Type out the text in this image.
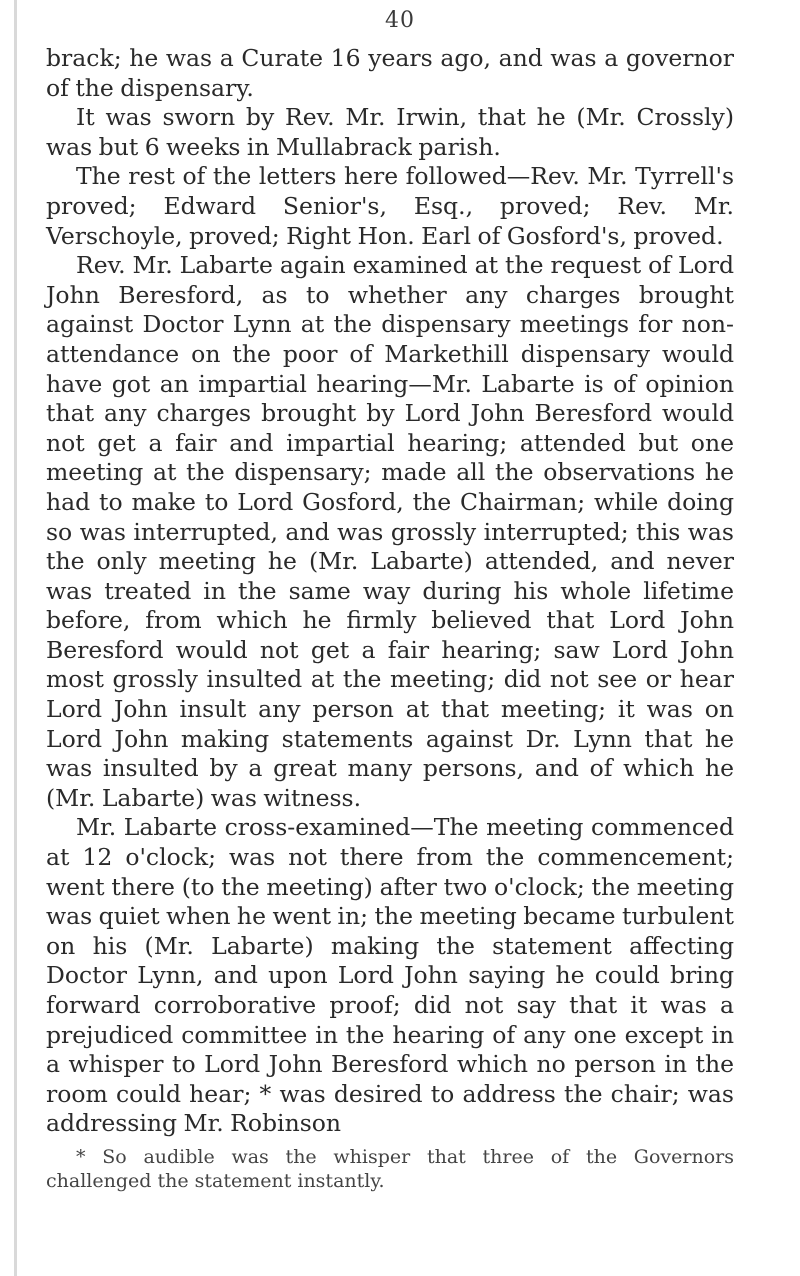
40

brack; he was a Curate 16 years ago, and was a governor of the dispensary.

It was sworn by Rev. Mr. Irwin, that he (Mr. Crossly) was but 6 weeks in Mullabrack parish.

The rest of the letters here followed—Rev. Mr. Tyrrell's proved; Edward Senior's, Esq., proved; Rev. Mr. Verschoyle, proved; Right Hon. Earl of Gosford's, proved.

Rev. Mr. Labarte again examined at the request of Lord John Beresford, as to whether any charges brought against Doctor Lynn at the dispensary meetings for non-attendance on the poor of Markethill dispensary would have got an impartial hearing—Mr. Labarte is of opinion that any charges brought by Lord John Beresford would not get a fair and impartial hearing; attended but one meeting at the dispensary; made all the observations he had to make to Lord Gosford, the Chairman; while doing so was interrupted, and was grossly interrupted; this was the only meeting he (Mr. Labarte) attended, and never was treated in the same way during his whole lifetime before, from which he firmly believed that Lord John Beresford would not get a fair hearing; saw Lord John most grossly insulted at the meeting; did not see or hear Lord John insult any person at that meeting; it was on Lord John making statements against Dr. Lynn that he was insulted by a great many persons, and of which he (Mr. Labarte) was witness.

Mr. Labarte cross-examined—The meeting commenced at 12 o'clock; was not there from the commencement; went there (to the meeting) after two o'clock; the meeting was quiet when he went in; the meeting became turbulent on his (Mr. Labarte) making the statement affecting Doctor Lynn, and upon Lord John saying he could bring forward corroborative proof; did not say that it was a prejudiced committee in the hearing of any one except in a whisper to Lord John Beresford which no person in the room could hear; * was desired to address the chair; was addressing Mr. Robinson

* So audible was the whisper that three of the Governors challenged the statement instantly.
